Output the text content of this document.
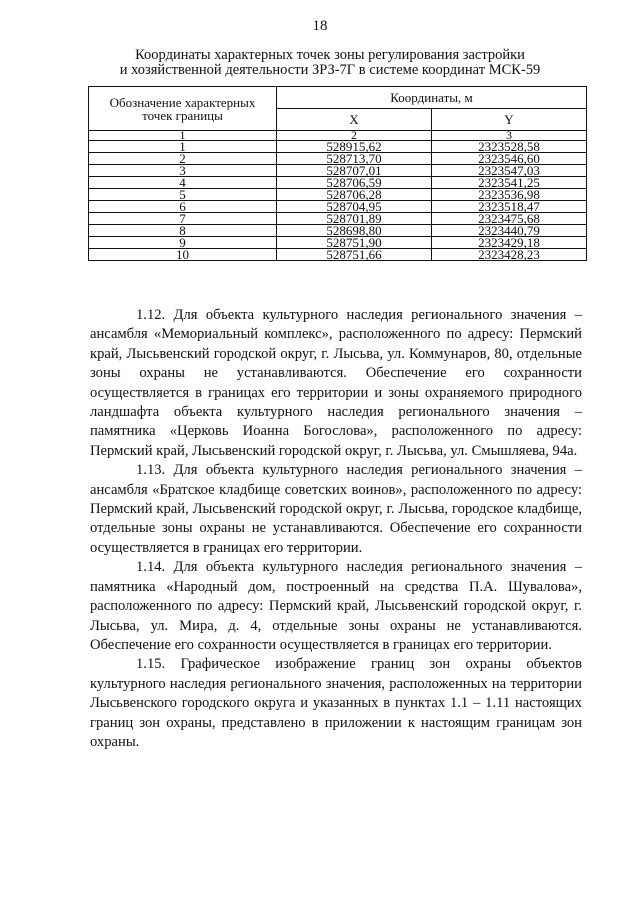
18
Координаты характерных точек зоны регулирования застройки
и хозяйственной деятельности ЗРЗ-7Г в системе координат МСК-59
Обозначение характерных
точек границы	Координаты, м	
	X	Y
1	2	3
1	528915,62	2323528,58
2	528713,70	2323546,60
3	528707,01	2323547,03
4	528706,59	2323541,25
5	528706,28	2323536,98
6	528704,95	2323518,47
7	528701,89	2323475,68
8	528698,80	2323440,79
9	528751,90	2323429,18
10	528751,66	2323428,23

1.12. Для объекта культурного наследия регионального значения – ансамбля «Мемориальный комплекс», расположенного по адресу: Пермский край, Лысьвенский городской округ, г. Лысьва, ул. Коммунаров, 80, отдельные зоны охраны не устанавливаются. Обеспечение его сохранности осуществляется в границах его территории и зоны охраняемого природного ландшафта объекта культурного наследия регионального значения – памятника «Церковь Иоанна Богослова», расположенного по адресу: Пермский край, Лысьвенский городской округ, г. Лысьва, ул. Смышляева, 94а.

1.13. Для объекта культурного наследия регионального значения – ансамбля «Братское кладбище советских воинов», расположенного по адресу: Пермский край, Лысьвенский городской округ, г. Лысьва, городское кладбище, отдельные зоны охраны не устанавливаются. Обеспечение его сохранности осуществляется в границах его территории.

1.14. Для объекта культурного наследия регионального значения – памятника «Народный дом, построенный на средства П.А. Шувалова», расположенного по адресу: Пермский край, Лысьвенский городской округ, г. Лысьва, ул. Мира, д. 4, отдельные зоны охраны не устанавливаются. Обеспечение его сохранности осуществляется в границах его территории.

1.15. Графическое изображение границ зон охраны объектов культурного наследия регионального значения, расположенных на территории Лысьвенского городского округа и указанных в пунктах 1.1 – 1.11 настоящих границ зон охраны, представлено в приложении к настоящим границам зон охраны.
